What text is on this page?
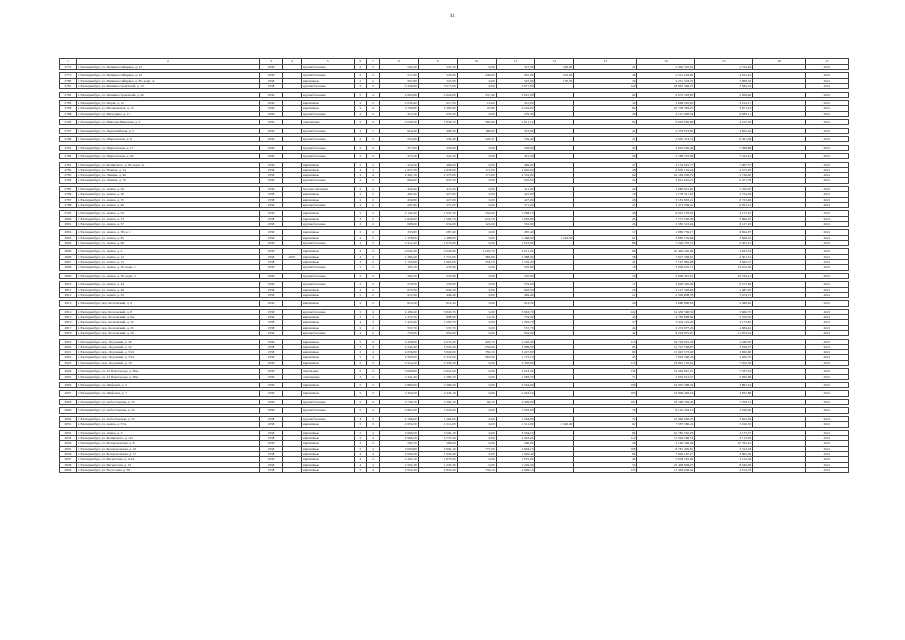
41
1	2	3	4	5	6	7	8	9	10	11	12	13	14	15	16	17
2770	г. Екатеринбург, ул. Мамина-Сибиряка, д. 23	1958		крупноблочные	2	2	543,30	521,50	0,00	521,50	226,00	22	2 440 310,01	2 734,26		2021

2775	г. Екатеринбург, ул. Мамина-Сибиряка, д. 24	1958		крупноблочные	2	2	571,90	523,00	249,00	497,00	523,00	46	2 521 218,62	4 912,25		2021
2780	г. Екатеринбург, ул. Мамина-Сибиряка, д. 85, корп. А	1958		кирпичные	2	2	567,90	547,00	0,00	547,00	150,50	29	4 251 318,47	7 668,52		2021
2781	г. Екатеринбург, ул. Машиностроителей, д. 12	1958		крупноблочные	5	5	5 330,90	5 077,00	0,00	5 077,00		124	18 607 348,21	3 584,23		2021

2782	г. Екатеринбург, ул. Машиностроителей, д. 20	1959		крупноблочные	5	4	2 902,80	2 624,00	237,40	2 657,00		94	9 672 318,85	2 958,46		2021

2785	г. Екатеринбург, ул. Марш, д. 12	1958		кирпичные	2	2	2 030,40	917,50	12,00	541,00		32	3 669 295,65	3 214,17		2021
2786	г. Екатеринбург, ул. Мельковская, д. 15	1958		кирпичные	5	4	2 706,80	2 565,00	24,80	2 544,00		82	10 738 384,07	3 871,43		2021
2788	г. Екатеринбург, ул. Мичурина, д. 17	1958		крупноблочные	2	2	412,20	279,30	0,00	279,30		26	2 147 908,54	6 085,11		2021

2790	г. Екатеринбург, ул. Николая Никонова, д. 3	1959		смешанные	5	3	2 030,30	1 830,70	585,00	1 611,10		62	9 093 936,86	4 215,35		2021

2797	г. Екатеринбург, ул. Первомайская, д. 5	1959		крупноблочные	3	1	616,40	409,50	189,00	475,90		42	2 379 974,85	3 850,44		2021

2799	г. Екатеринбург, ул. Шарташская, д. 6	1959		крупноблочные	2	2	555,99	539,40	226,37	539,40		21	3 545 314,74	6 561,39		2021

2781	г. Екатеринбург, ул. Шарташская, д. 17	1958		крупноблочные	2	2	377,00	356,90	0,00	356,90		24	2 695 956,46	7 568,88		2021

2780	г. Екатеринбург, ул. Шарташская, д. 69	1959		крупноблочные	2	2	375,30	341,20	0,00	341,20		26	2 788 353,06	7 522,41		2021

2781	г. Екатеринбург, ул. Белинского, д. 85, корп. А	1958		кирпичные	2	2	474,20	469,00	0,00	469,00		27	3 133 925,77	7 667,57		2021
2782	г. Екатеринбург, ул. Ильича, д. 34	1958		кирпичные	4	3	1 937,30	1 836,00	171,00	1 665,00		48	6 030 142,43	4 573,20		2021
2783	г. Екатеринбург, ул. Ленина, д. 46	1958		кирпичные	4	4	2 491,10	2 375,00	171,00	2 352,00		69	10 184 036,79	3 736,40		2021
2784	г. Екатеринбург, ул. Ленина, д. 70	1958		крупноблочные	2	2	684,00	635,50	0,00	635,50		24	3 941 610,21	6 471,76		2021

2785	г. Екатеринбург, ул. Азина, д. 26	1958		бетонно-блочные	2	2	459,40	411,00	0,00	411,00		24	3 080 631,81	7 356,97		2021
2786	г. Екатеринбург, ул. Азина, д. 30	1958		кирпичные	2	2	464,40	427,00	0,00	427,00		19	1 778 317,62	3 724,04		2021
2787	г. Екатеринбург, ул. Азина, д. 35	1958		кирпичные	2	2	459,80	427,00	0,00	427,00		26	3 181 803,21	6 723,40		2021
2788	г. Екатеринбург, ул. Азина, д. 40	1958		крупноблочные	2	2	591,90	571,20	0,00	571,20		25	3 473 958,41	6 053,21		2021

2795	г. Екатеринбург, ул. Азина, д. 52	1958		кирпичные	5	2	2 142,40	1 953,10	254,90	1 298,10		46	6 091 178,02	4 172,10		2021
2800	г. Екатеринбург, ул. Азина, д. 53	1958		кирпичные	3	2	1 620,00	1 582,70	674,70	1 005,60		45	7 775 520,49	5 060,47		2021
2801	г. Екатеринбург, ул. Азина, д. 57	1958		крупноблочные	2	2	698,00	654,00	122,00	532,90		26	3 385 523,94	6 127,25		2021

2802	г. Екатеринбург, ул. Азина, д. 58, к. 1	1958		кирпичные	2	2	333,80	287,40	0,00	287,40		17	1 880 739,17	6 824,87		2021
2803	г. Екатеринбург, ул. Азина, д. 65	1958		кирпичные	4	3	1 378,00	1 368,00	0,00	1 368,00	1 224,50	61	5 885 129,66	3 828,22		2021
2804	г. Екатеринбург, ул. Азина, д. 69	1958		крупноблочные	3	3	2 211,40	1 672,00	0,00	1 672,00		86	7 240 255,72	4 303,21		2021

2806	г. Екатеринбург, ул. Азина, д. 2	1958		кирпичные	4	4	2 042,30	2 039,60	11,65,70	2 011,20		80	10 440 220,90	3 633,54		2021
2806	г. Екатеринбург, ул. Азина, д. 12	1958	2007	кирпичные	4	3	1 284,40	1 772,00	383,60	1 388,00		58	7 627 458,61	4 301,51		2021
2807	г. Екатеринбург, ул. Азина, д. 15	1958		кирпичные	3	2	1 153,00	1 065,00	354,70	1 105,20		41	7 167 865,08	3 626,37		2021
2808	г. Екатеринбург, ул. Азина, д. 30, корп. 1	1958		крупноблочные	2	2	303,10	270,90	0,00	270,90		16	3 096 670,71	10 914,50		2021

2809	г. Екатеринбург, ул. Азина, д. 30, корп. 2	1958		крупноблочные	2	2	302,20	270,90	0,00	270,90		19	2 998 401,91	10 729,41		2021

2810	г. Екатеринбург, ул. Азина, д. 44	1958		крупноблочные	2	2	579,00	579,00	0,00	579,00		17	3 948 405,09	6 573,84		2021
2811	г. Екатеринбург, ул. Азина, д. 46	1958		кирпичные	2	2	679,30	626,30	0,00	626,30		26	3 127 328,00	5 487,95		2021
2812	г. Екатеринбург, ул. Азина, д. 52	1958		кирпичные	2	2	611,90	449,40	0,00	449,40		21	2 599 808,78	5 674,15		2021

2813	г. Екатеринбург, пер. Козловский, д. 6	1958		кирпичные	2	2	814,30	814,30	0,00	814,30		26	3 680 866,83	4 586,62		2021

2814	г. Екатеринбург, пер. Козловский, д. 8	1958		крупноблочные	5	4	4 180,40	3 843,70	0,00	3 843,70		122	14 430 568,59	3 660,75		2021
2815	г. Екатеринбург, пер. Козловский, д. 9А	1958		кирпичные	3	3	1 272,30	898,90	14,50	752,00		43	4 783 698,86	5 359,30		2021
2816	г. Екатеринбург, пер. Козловский, д. 12	1958		кирпичные	4	3	1 425,40	1 293,70	0,00	1 293,70		37	5 424 119,29	5 173,85		2021
2817	г. Екатеринбург, пер. Козловский, д. 25	1958		кирпичные	2	2	557,70	557,70	0,00	557,70		24	2 274 977,26	4 084,42		2021
2818	г. Екатеринбург, пер. Козловский, д. 26	1958		крупноблочные	2	2	735,00	652,00	0,00	652,00		42	8 244 875,97	11 053,42		2021

2819	г. Екатеринбург, пер. Лодочный, д. 50	1958		кирпичные	5	4	2 430,60	2 074,40	624,70	2 226,30		115	16 720 601,26	3 440,95		2021
2820	г. Екатеринбург, пер. Лодочный, д. 52	1958		кирпичные	5	4	2 242,40	2 050,20	250,60	1 999,50		65	12 747 558,87	3 918,27		2021
2821	г. Екатеринбург, пер. Лодочный, д. 53/2	1958		кирпичные	5	4	4 656,80	3 820,00	782,10	3 227,60		69	15 625 573,40	3 960,80		2021
2822	г. Екатеринбург, пер. Лодочный, д. 53/3	1958		кирпичные	5	4	2 503,00	2 331,00	663,00	1 772,10		45	7 663 568,26	3 260,70		2021
2823	г. Екатеринбург, пер. Лодочный, д. 19	1958		кирпичные	5	4	2 514,20	2 330,50	0,00	2 336,00		115	23 861 732,61	7 052,36		2021

2824	г. Екатеринбург, ул. 22 Партсъезда, д. 36А	1958		панельные	5	4	3 080,80	2 614,50	0,00	2 614,50		132	19 349 827,27	7 337,54		2021
2825	г. Екатеринбург, ул. 22 Партсъезда, д. 38А	1958		смешанные	3	2	2 441,30	1 283,70	0,00	1 283,70		71	7 632 914,57	5 950,66		2021

2826	г. Екатеринбург, ул. Шефская, д. 5	1958		кирпичные	5	3	2 880,00	2 599,20	0,00	2 544,00		100	10 097 308,34	3 897,44		2021

2827	г. Екатеринбург, ул. Шефская, д. 7	1958		кирпичные	5	3	2 456,20	2 243,10	0,00	2 243,10		105	10 848 426,16	3 827,88		2021

2828	г. Екатеринбург, ул. Асбестовская, д. 33	1958		крупноблочные	5	4	2 744,70	2 504,10	94,10	2 409,00		107	18 198 359,43	7 558,51		2021

2829	г. Екатеринбург, ул. Асбестовская, д. 45	1958		крупноблочные	5	4	2 891,00	1 932,00	0,00	1 932,00		76	9 125 344,13	3 229,05		2021

2830	г. Екатеринбург, ул. Асбестовская, д. 53	1958		крупноблочные	4	3	2 796,00	1 264,00	0,00	1 264,00		74	10 996 658,25	5 923,59		2021
2831	г. Екатеринбург, ул. Азина, д. 57А	1958		кирпичные	5	3	2 656,30	1 511,00	0,00	1 511,00	1 326,40	62	7 587 586,41	5 016,35		2021

2832	г. Екатеринбург, ул. Азина, д. 3	1958		кирпичные	5	4	3 666,50	3 504,10	0,00	3 504,10		84	10 782 762,05	3 175,37		2021
2833	г. Екатеринбург, ул. Белинского, д. 112	1958		кирпичные	5	4	2 996,20	2 737,50	0,00	2 943,20		112	11 329 506,74	4 112,95		2021
2834	г. Екатеринбург, ул. Белореченская, д. 8	1958		кирпичные	3	2	585,70	560,00	0,00	560,00		26	3 160 328,46	10 765,22		2021
2835	г. Екатеринбург, ул. Белореченская, д. 10	1958		кирпичные	5	4	3 000,80	2 604,10	777,00	2 604,10		108	8 781 495,81	3 314,18		2021
2836	г. Екатеринбург, ул. Белореченская, д. 17	1958		кирпичные	4	4	2 096,30	1 929,40	0,00	1 929,40		86	7 649 167,27	3 965,36		2021
2837	г. Екатеринбург, ул. Бисертская, д. 4/1А	1958		кирпичные	4	4	2 262,10	1 875,00	0,00	1 875,00		40	5 858 183,00	3 124,36		2021
2838	г. Екатеринбург, ул. Бисертская, д. 10	1958		кирпичные	4	4	2 502,30	1 229,30	0,00	1 229,30		54	10 498 828,23	8 540,60		2021
2839	г. Екатеринбург, ул. Восточная, д. 82	1958		кирпичные	5	4	2 954,30	2 852,20	756,10	2 096,10		135	11 449 938,42	4 014,79		2021
